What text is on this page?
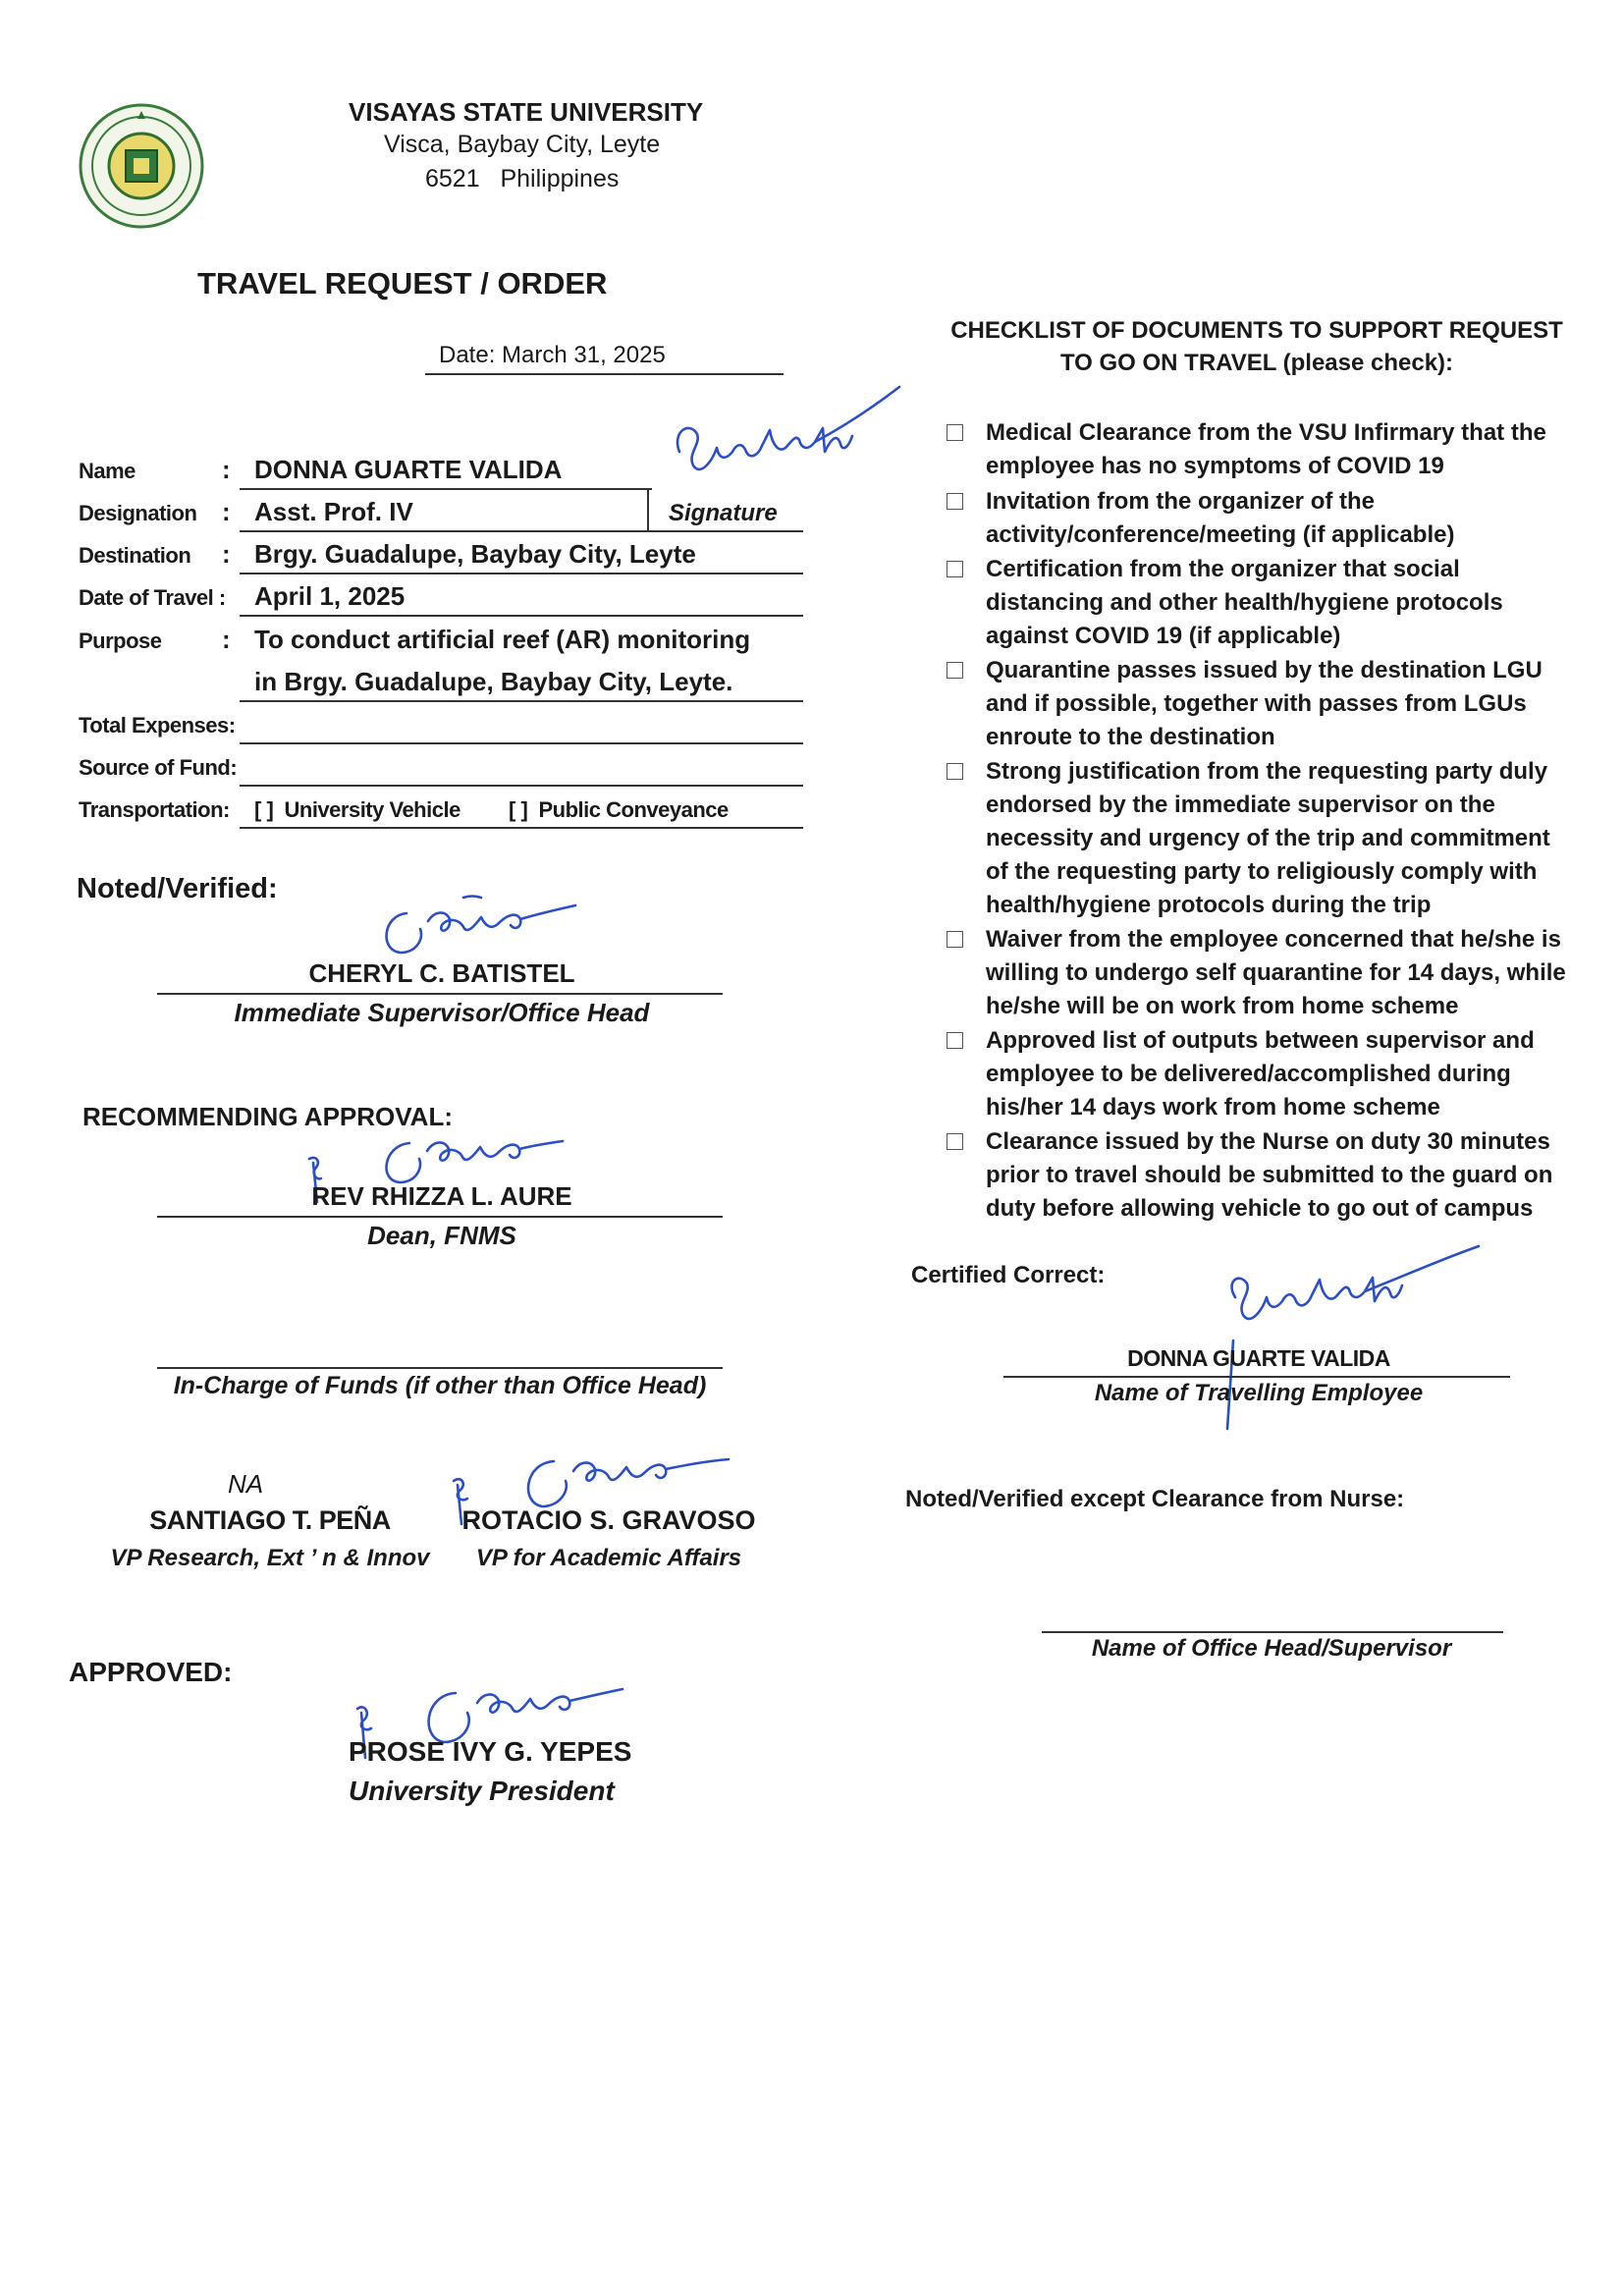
VISAYAS STATE UNIVERSITY
Visca, Baybay City, Leyte
6521   Philippines
TRAVEL REQUEST / ORDER
Date: March 31, 2025
Name	: DONNA GUARTE VALIDA
Designation : Asst. Prof. IV	Signature
Destination : Brgy. Guadalupe, Baybay City, Leyte
Date of Travel : April 1, 2025
Purpose : To conduct artificial reef (AR) monitoring
in Brgy. Guadalupe, Baybay City, Leyte.
Total Expenses:
Source of Fund:
Transportation: [ ]  University Vehicle [ ]  Public Conveyance
Noted/Verified:
CHERYL C. BATISTEL
Immediate Supervisor/Office Head
RECOMMENDING APPROVAL:
REV RHIZZA L. AURE
Dean, FNMS
In-Charge of Funds (if other than Office Head)
NA
SANTIAGO T. PEÑA
VP Research, Ext ’ n & Innov
ROTACIO S. GRAVOSO
VP for Academic Affairs
APPROVED:
PROSE IVY G. YEPES
University President
CHECKLIST OF DOCUMENTS TO SUPPORT REQUEST
TO GO ON TRAVEL (please check):
Medical Clearance from the VSU Infirmary that the
employee has no symptoms of COVID 19
Invitation from the organizer of the
activity/conference/meeting (if applicable)
Certification from the organizer that social
distancing and other health/hygiene protocols
against COVID 19 (if applicable)
Quarantine passes issued by the destination LGU
and if possible, together with passes from LGUs
enroute to the destination
Strong justification from the requesting party duly
endorsed by the immediate supervisor on the
necessity and urgency of the trip and commitment
of the requesting party to religiously comply with
health/hygiene protocols during the trip
Waiver from the employee concerned that he/she is
willing to undergo self quarantine for 14 days, while
he/she will be on work from home scheme
Approved list of outputs between supervisor and
employee to be delivered/accomplished during
his/her 14 days work from home scheme
Clearance issued by the Nurse on duty 30 minutes
prior to travel should be submitted to the guard on
duty before allowing vehicle to go out of campus
Certified Correct:
DONNA GUARTE VALIDA
Name of Travelling Employee
Noted/Verified except Clearance from Nurse:
Name of Office Head/Supervisor
